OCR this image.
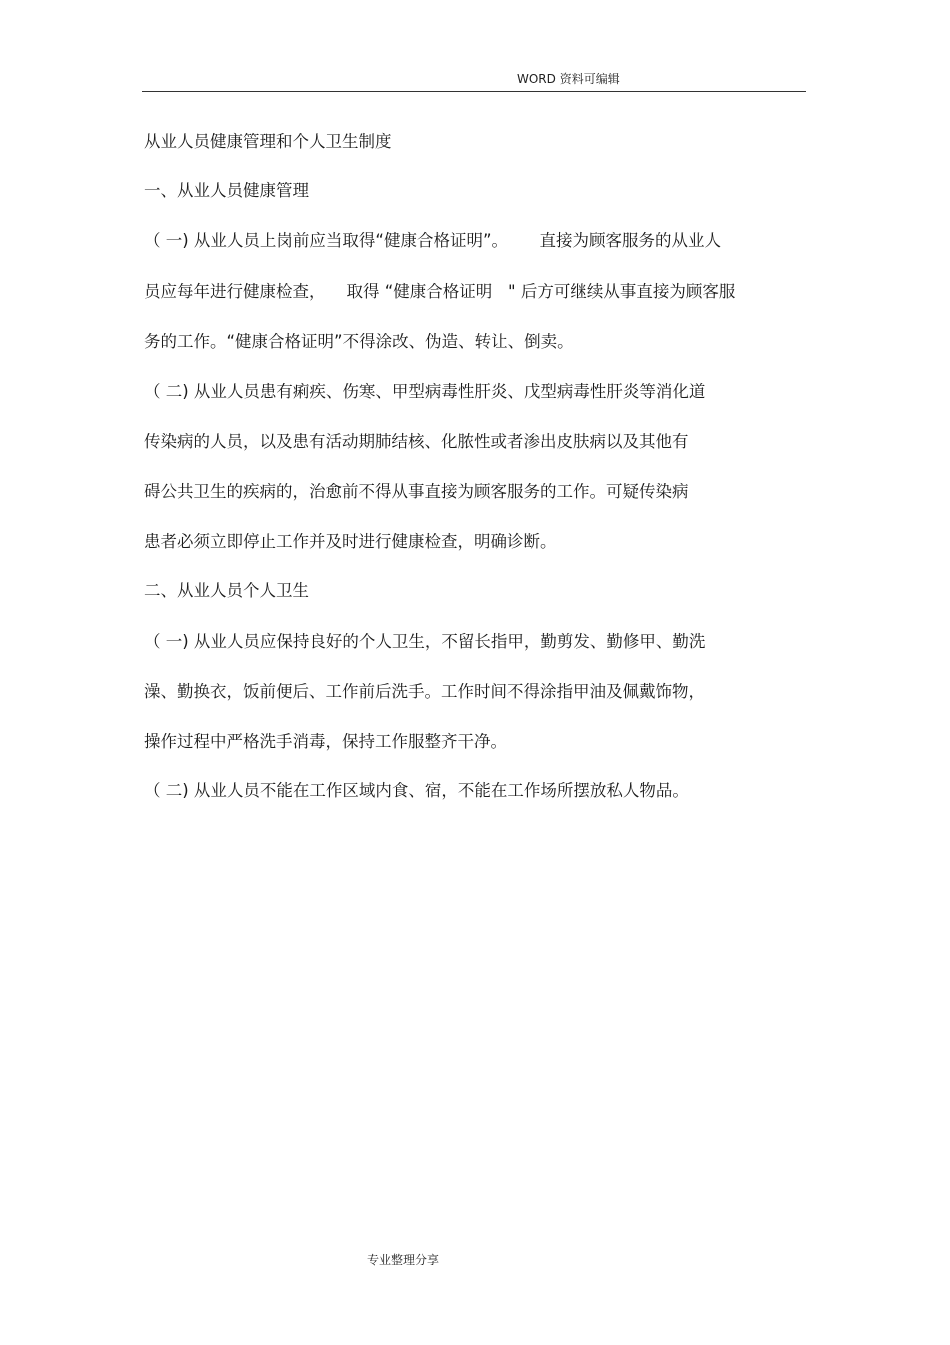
WORD 资料可编辑
从业人员健康管理和个人卫生制度
一、从业人员健康管理
（ 一) 从业人员上岗前应当取得“健康合格证明”。      直接为顾客服务的从业人
员应每年进行健康检查，    取得 “健康合格证明   " 后方可继续从事直接为顾客服
务的工作。“健康合格证明”不得涂改、伪造、转让、倒卖。
（ 二) 从业人员患有痢疾、伤寒、甲型病毒性肝炎、戊型病毒性肝炎等消化道
传染病的人员，以及患有活动期肺结核、化脓性或者渗出皮肤病以及其他有
碍公共卫生的疾病的，治愈前不得从事直接为顾客服务的工作。可疑传染病
患者必须立即停止工作并及时进行健康检查，明确诊断。
二、从业人员个人卫生
（ 一) 从业人员应保持良好的个人卫生，不留长指甲，勤剪发、勤修甲、勤洗
澡、勤换衣，饭前便后、工作前后洗手。工作时间不得涂指甲油及佩戴饰物，
操作过程中严格洗手消毒，保持工作服整齐干净。
（ 二) 从业人员不能在工作区域内食、宿，不能在工作场所摆放私人物品。
专业整理分享
